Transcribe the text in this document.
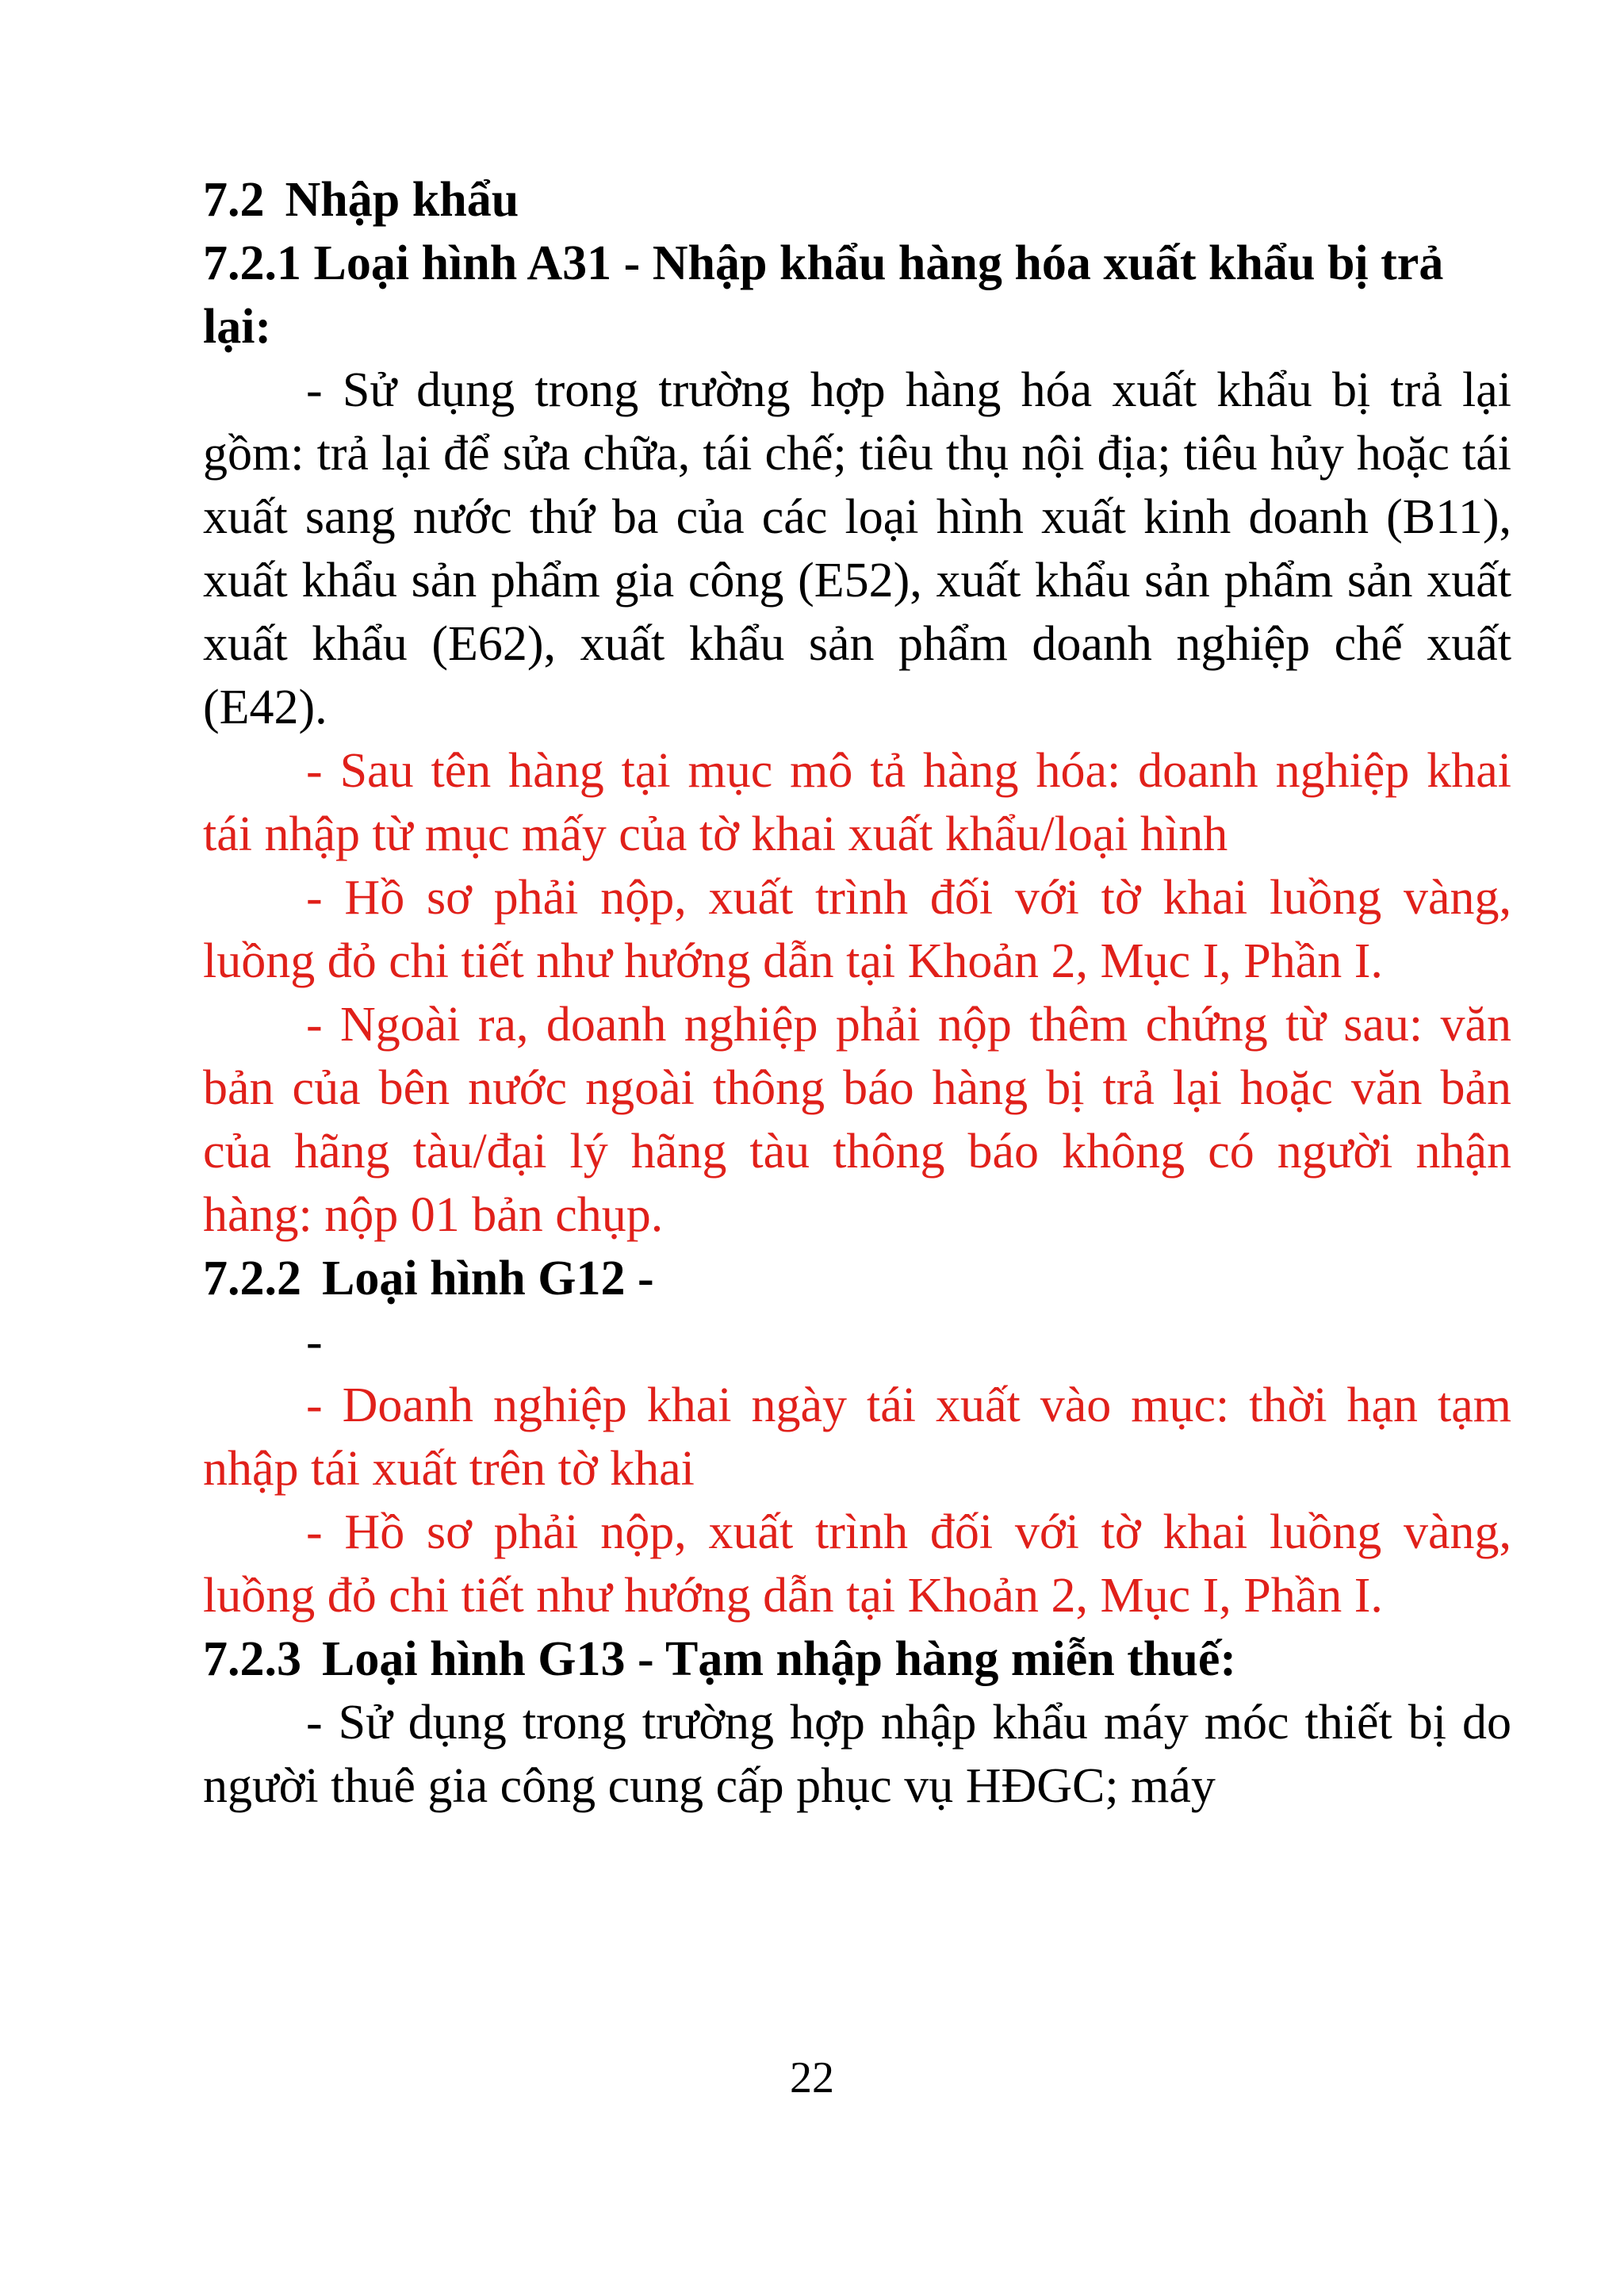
7.2 Nhập khẩu

7.2.1 Loại hình A31 - Nhập khẩu hàng hóa xuất khẩu bị trả lại:

- Sử dụng trong trường hợp hàng hóa xuất khẩu bị trả lại gồm: trả lại để sửa chữa, tái chế; tiêu thụ nội địa; tiêu hủy hoặc tái xuất sang nước thứ ba của các loại hình xuất kinh doanh (B11), xuất khẩu sản phẩm gia công (E52), xuất khẩu sản phẩm sản xuất xuất khẩu (E62), xuất khẩu sản phẩm doanh nghiệp chế xuất (E42).

- Sau tên hàng tại mục mô tả hàng hóa: doanh nghiệp khai tái nhập từ mục mấy của tờ khai xuất khẩu/loại hình

- Hồ sơ phải nộp, xuất trình đối với tờ khai luồng vàng, luồng đỏ chi tiết như hướng dẫn tại Khoản 2, Mục I, Phần I.

- Ngoài ra, doanh nghiệp phải nộp thêm chứng từ sau: văn bản của bên nước ngoài thông báo hàng bị trả lại hoặc văn bản của hãng tàu/đại lý hãng tàu thông báo không có người nhận hàng: nộp 01 bản chụp.

7.2.2 Loại hình G12 -

-

- Doanh nghiệp khai ngày tái xuất vào mục: thời hạn tạm nhập tái xuất trên tờ khai

- Hồ sơ phải nộp, xuất trình đối với tờ khai luồng vàng, luồng đỏ chi tiết như hướng dẫn tại Khoản 2, Mục I, Phần I.

7.2.3 Loại hình G13 - Tạm nhập hàng miễn thuế:

- Sử dụng trong trường hợp nhập khẩu máy móc thiết bị do người thuê gia công cung cấp phục vụ HĐGC; máy

22
